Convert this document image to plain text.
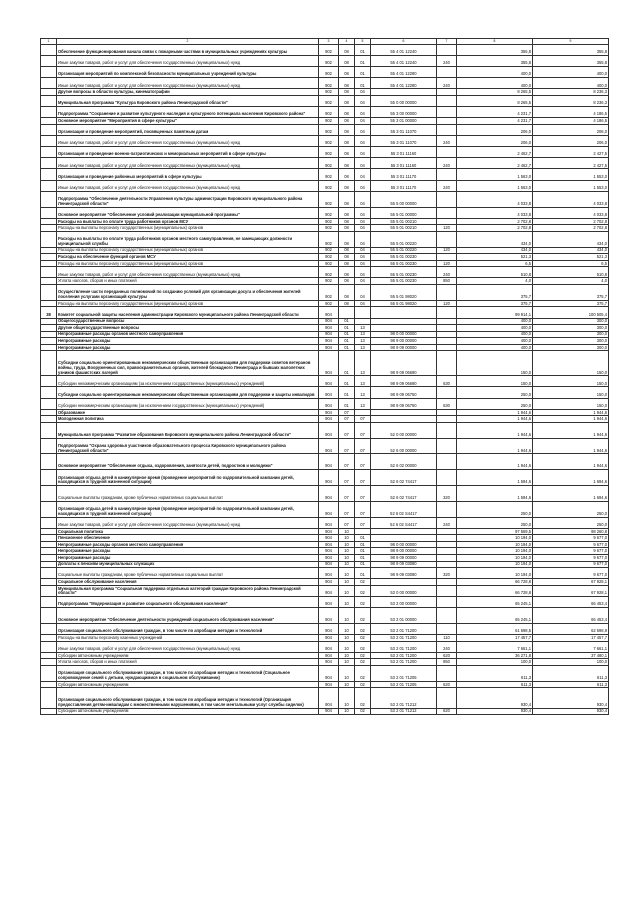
1	2	3	4	5	6	7	8	9
	Обеспечение функционирования канала связи с пожарными частями в муниципальных учреждениях культуры	902	08	01	55 4 01 12240		355,8	355,8
	Иные закупки товаров, работ и услуг для обеспечения государственных (муниципальных) нужд	902	08	01	55 4 01 12240	240	355,8	355,8
	Организация мероприятий по комплексной безопасности муниципальных учреждений культуры	902	08	01	55 4 01 12280		400,0	400,0
	Иные закупки товаров, работ и услуг для обеспечения государственных (муниципальных) нужд	902	08	01	55 4 01 12280	240	400,0	400,0
	Другие вопросы в области культуры, кинематографии	902	08	04			8 265,5	8 236,3
	Муниципальная программа "Культура Кировского района Ленинградской области"	902	08	04	55 0 00 00000		8 265,5	8 236,3
	Подпрограмма "Сохранение и развитие культурного наследия и культурного потенциала населения Кировского района"	902	08	04	55 3 00 00000		4 231,7	4 186,5
	Основное мероприятие "Мероприятия в сфере культуры"	902	08	04	55 3 01 00000		4 231,7	4 186,5
	Организация и проведение мероприятий, посвященных памятным датам	902	08	04	55 3 01 11070		206,0	206,0
	Иные закупки товаров, работ и услуг для обеспечения государственных (муниципальных) нужд	902	08	04	55 3 01 11070	240	206,0	206,0
	Организация и проведение военно-патриотических и мемориальных мероприятий в сфере культуры	902	08	04	55 3 01 11160		2 462,7	2 427,5
	Иные закупки товаров, работ и услуг для обеспечения государственных (муниципальных) нужд	902	08	04	55 3 01 11160	240	2 462,7	2 427,5
	Организация и проведение районных мероприятий в сфере культуры	902	08	04	55 3 01 11170		1 563,0	1 553,0
	Иные закупки товаров, работ и услуг для обеспечения государственных (муниципальных) нужд	902	08	04	55 3 01 11170	240	1 563,0	1 553,0
	Подпрограмма "Обеспечение деятельности Управления культуры администрации Кировского муниципального района Ленинградской области"	902	08	04	55 5 00 00000		4 033,8	4 033,8
	Основное мероприятие "Обеспечение условий реализации муниципальной программы"	902	08	04	55 5 01 00000		4 033,8	4 033,8
	Расходы на выплаты по оплате труда работников органов МСУ	902	08	04	55 5 01 00210		2 702,8	2 702,8
	Расходы на выплаты персоналу государственных (муниципальных) органов	902	08	04	55 5 01 00210	120	2 702,8	2 702,8
	Расходы на выплаты по оплате труда работников органов местного самоуправления, не замещающих должности муниципальной службы	902	08	04	55 5 01 00220		434,0	434,0
	Расходы на выплаты персоналу государственных (муниципальных) органов	902	08	04	55 5 01 00220	120	434,0	434,0
	Расходы на обеспечение функций органов МСУ	902	08	04	55 5 01 00230		521,3	521,3
	Расходы на выплаты персоналу государственных (муниципальных) органов	902	08	04	55 5 01 00230	120	6,5	6,5
	Иные закупки товаров, работ и услуг для обеспечения государственных (муниципальных) нужд	902	08	04	55 5 01 00230	240	510,8	510,8
	Уплата налогов, сборов и иных платежей	902	08	04	55 5 01 00230	850	4,0	4,0
	Осуществление части переданных полномочий по созданию условий для организации досуга и обеспечения жителей поселения услугами организаций культуры	902	08	04	55 5 01 98020		375,7	375,7
	Расходы на выплаты персоналу государственных (муниципальных) органов	902	08	04	55 5 01 98020	120	375,7	375,7
38	Комитет социальной защиты населения администрации Кировского муниципального района Ленинградской области	904					99 914,1	100 505,4
	Общегосударственные вопросы	904	01				400,0	300,0
	Другие общегосударственные вопросы	904	01	13			400,0	300,0
	Непрограммные расходы органов местного самоуправления	904	01	13	98 0 00 00000		400,0	300,0
	Непрограммные расходы	904	01	13	98 9 00 00000		400,0	300,0
	Непрограммные расходы	904	01	13	98 9 09 00000		400,0	300,0
	Субсидии социально ориентированным некоммерческим общественным организациям для поддержки советов ветеранов войны, труда, Вооруженных сил, правоохранительных органов, жителей блокадного Ленинграда и бывших малолетних узников фашистских лагерей	904	01	13	98 9 09 06690		150,0	150,0
	Субсидии некоммерческим организациям (за исключением государственных (муниципальных) учреждений)	904	01	13	98 9 09 06690	630	150,0	150,0
	Субсидии социально ориентированным некоммерческим общественным организациям для поддержки и защиты инвалидов	904	01	13	98 9 09 06750		250,0	150,0
	Субсидии некоммерческим организациям (за исключением государственных (муниципальных) учреждений)	904	01	13	98 9 09 06750	630	250,0	150,0
	Образование	904	07				1 944,6	1 944,6
	Молодежная политика	904	07	07			1 944,6	1 944,6
	Муниципальная программа "Развитие образования Кировского муниципального района Ленинградской области"	904	07	07	52 0 00 00000		1 944,6	1 944,6
	Подпрограмма "Охрана здоровья участников образовательного процесса Кировского муниципального района Ленинградской области"	904	07	07	52 6 00 00000		1 944,6	1 944,6
	Основное мероприятие "Обеспечение отдыха, оздоровления, занятости детей, подростков и молодежи"	904	07	07	52 6 02 00000		1 944,6	1 944,6
	Организация отдыха детей в каникулярное время (проведение мероприятий по оздоровительной кампании детей, находящихся в трудной жизненной ситуации)	904	07	07	52 6 02 74417		1 694,6	1 694,6
	Социальные выплаты гражданам, кроме публичных нормативных социальных выплат	904	07	07	52 6 02 74417	320	1 694,6	1 694,6
	Организация отдыха детей в каникулярное время (проведение мероприятий по оздоровительной кампании детей, находящихся в трудной жизненной ситуации)	904	07	07	52 6 02 S4417		250,0	250,0
	Иные закупки товаров, работ и услуг для обеспечения государственных (муниципальных) нужд	904	07	07	52 6 02 S4417	240	250,0	250,0
	Социальная политика	904	10				97 569,5	98 260,8
	Пенсионное обеспечение	904	10	01			10 194,0	9 677,0
	Непрограммные расходы органов местного самоуправления	904	10	01	98 0 00 00000		10 194,0	9 677,0
	Непрограммные расходы	904	10	01	98 9 00 00000		10 194,0	9 677,0
	Непрограммные расходы	904	10	01	98 9 09 00000		10 194,0	9 677,0
	Доплаты к пенсиям муниципальных служащих	904	10	01	98 9 09 03080		10 194,0	9 677,0
	Социальные выплаты гражданам, кроме публичных нормативных социальных выплат	904	10	01	98 9 09 03080	320	10 194,0	9 677,0
	Социальное обслуживание населения	904	10	02			66 728,8	67 928,1
	Муниципальная программа "Социальная поддержка отдельных категорий граждан Кировского района Ленинградской области"	904	10	02	53 0 00 00000		66 728,8	67 928,1
	Подпрограмма "Модернизация и развитие социального обслуживания населения"	904	10	02	53 2 00 00000		65 245,1	66 453,4
	Основное мероприятие "Обеспечение деятельности учреждений социального обслуживания населения"	904	10	02	53 2 01 00000		65 245,1	66 453,4
	Организация социального обслуживания граждан, в том числе по апробации методик и технологий	904	10	02	53 2 01 71200		61 698,5	62 698,9
	Расходы на выплаты персоналу казенных учреждений	904	10	02	53 2 01 71200	110	17 457,7	17 457,7
	Иные закупки товаров, работ и услуг для обеспечения государственных (муниципальных) нужд	904	10	02	53 2 01 71200	240	7 661,1	7 661,1
	Субсидии автономным учреждениям	904	10	02	53 2 01 71200	620	36 271,8	37 480,1
	Уплата налогов, сборов и иных платежей	904	10	02	53 2 01 71200	850	100,0	100,0
	Организация социального обслуживания граждан, в том числе по апробации методик и технологий (Социальное сопровождение семей с детьми, нуждающимися в социальном обслуживании)	904	10	02	53 2 01 71205		611,3	611,3
	Субсидии автономным учреждениям	904	10	02	53 2 01 71205	620	611,3	611,3
	Организация социального обслуживания граждан, в том числе по апробации методик и технологий (Организация предоставления детям-инвалидам с множественными нарушениями, в том числе ментальными услуг службы сиделок)	904	10	02	53 2 01 71212		930,4	930,4
	Субсидии автономным учреждениям	904	10	02	53 2 01 71212	620	930,4	930,4
